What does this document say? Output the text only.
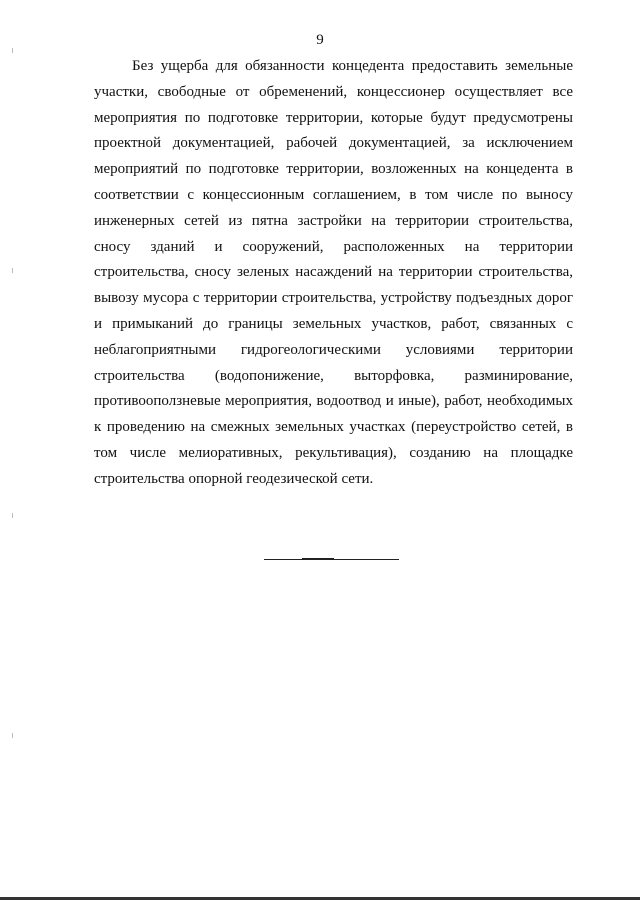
9

Без ущерба для обязанности концедента предоставить земельные участки, свободные от обременений, концессионер осуществляет все мероприятия по подготовке территории, которые будут предусмотрены проектной документацией, рабочей документацией, за исключением мероприятий по подготовке территории, возложенных на концедента в соответствии с концессионным соглашением, в том числе по выносу инженерных сетей из пятна застройки на территории строительства, сносу зданий и сооружений, расположенных на территории строительства, сносу зеленых насаждений на территории строительства, вывозу мусора с территории строительства, устройству подъездных дорог и примыканий до границы земельных участков, работ, связанных с неблагоприятными гидрогеологическими условиями территории строительства (водопонижение, выторфовка, разминирование, противооползневые мероприятия, водоотвод и иные), работ, необходимых к проведению на смежных земельных участках (переустройство сетей, в том числе мелиоративных, рекультивация), созданию на площадке строительства опорной геодезической сети.
